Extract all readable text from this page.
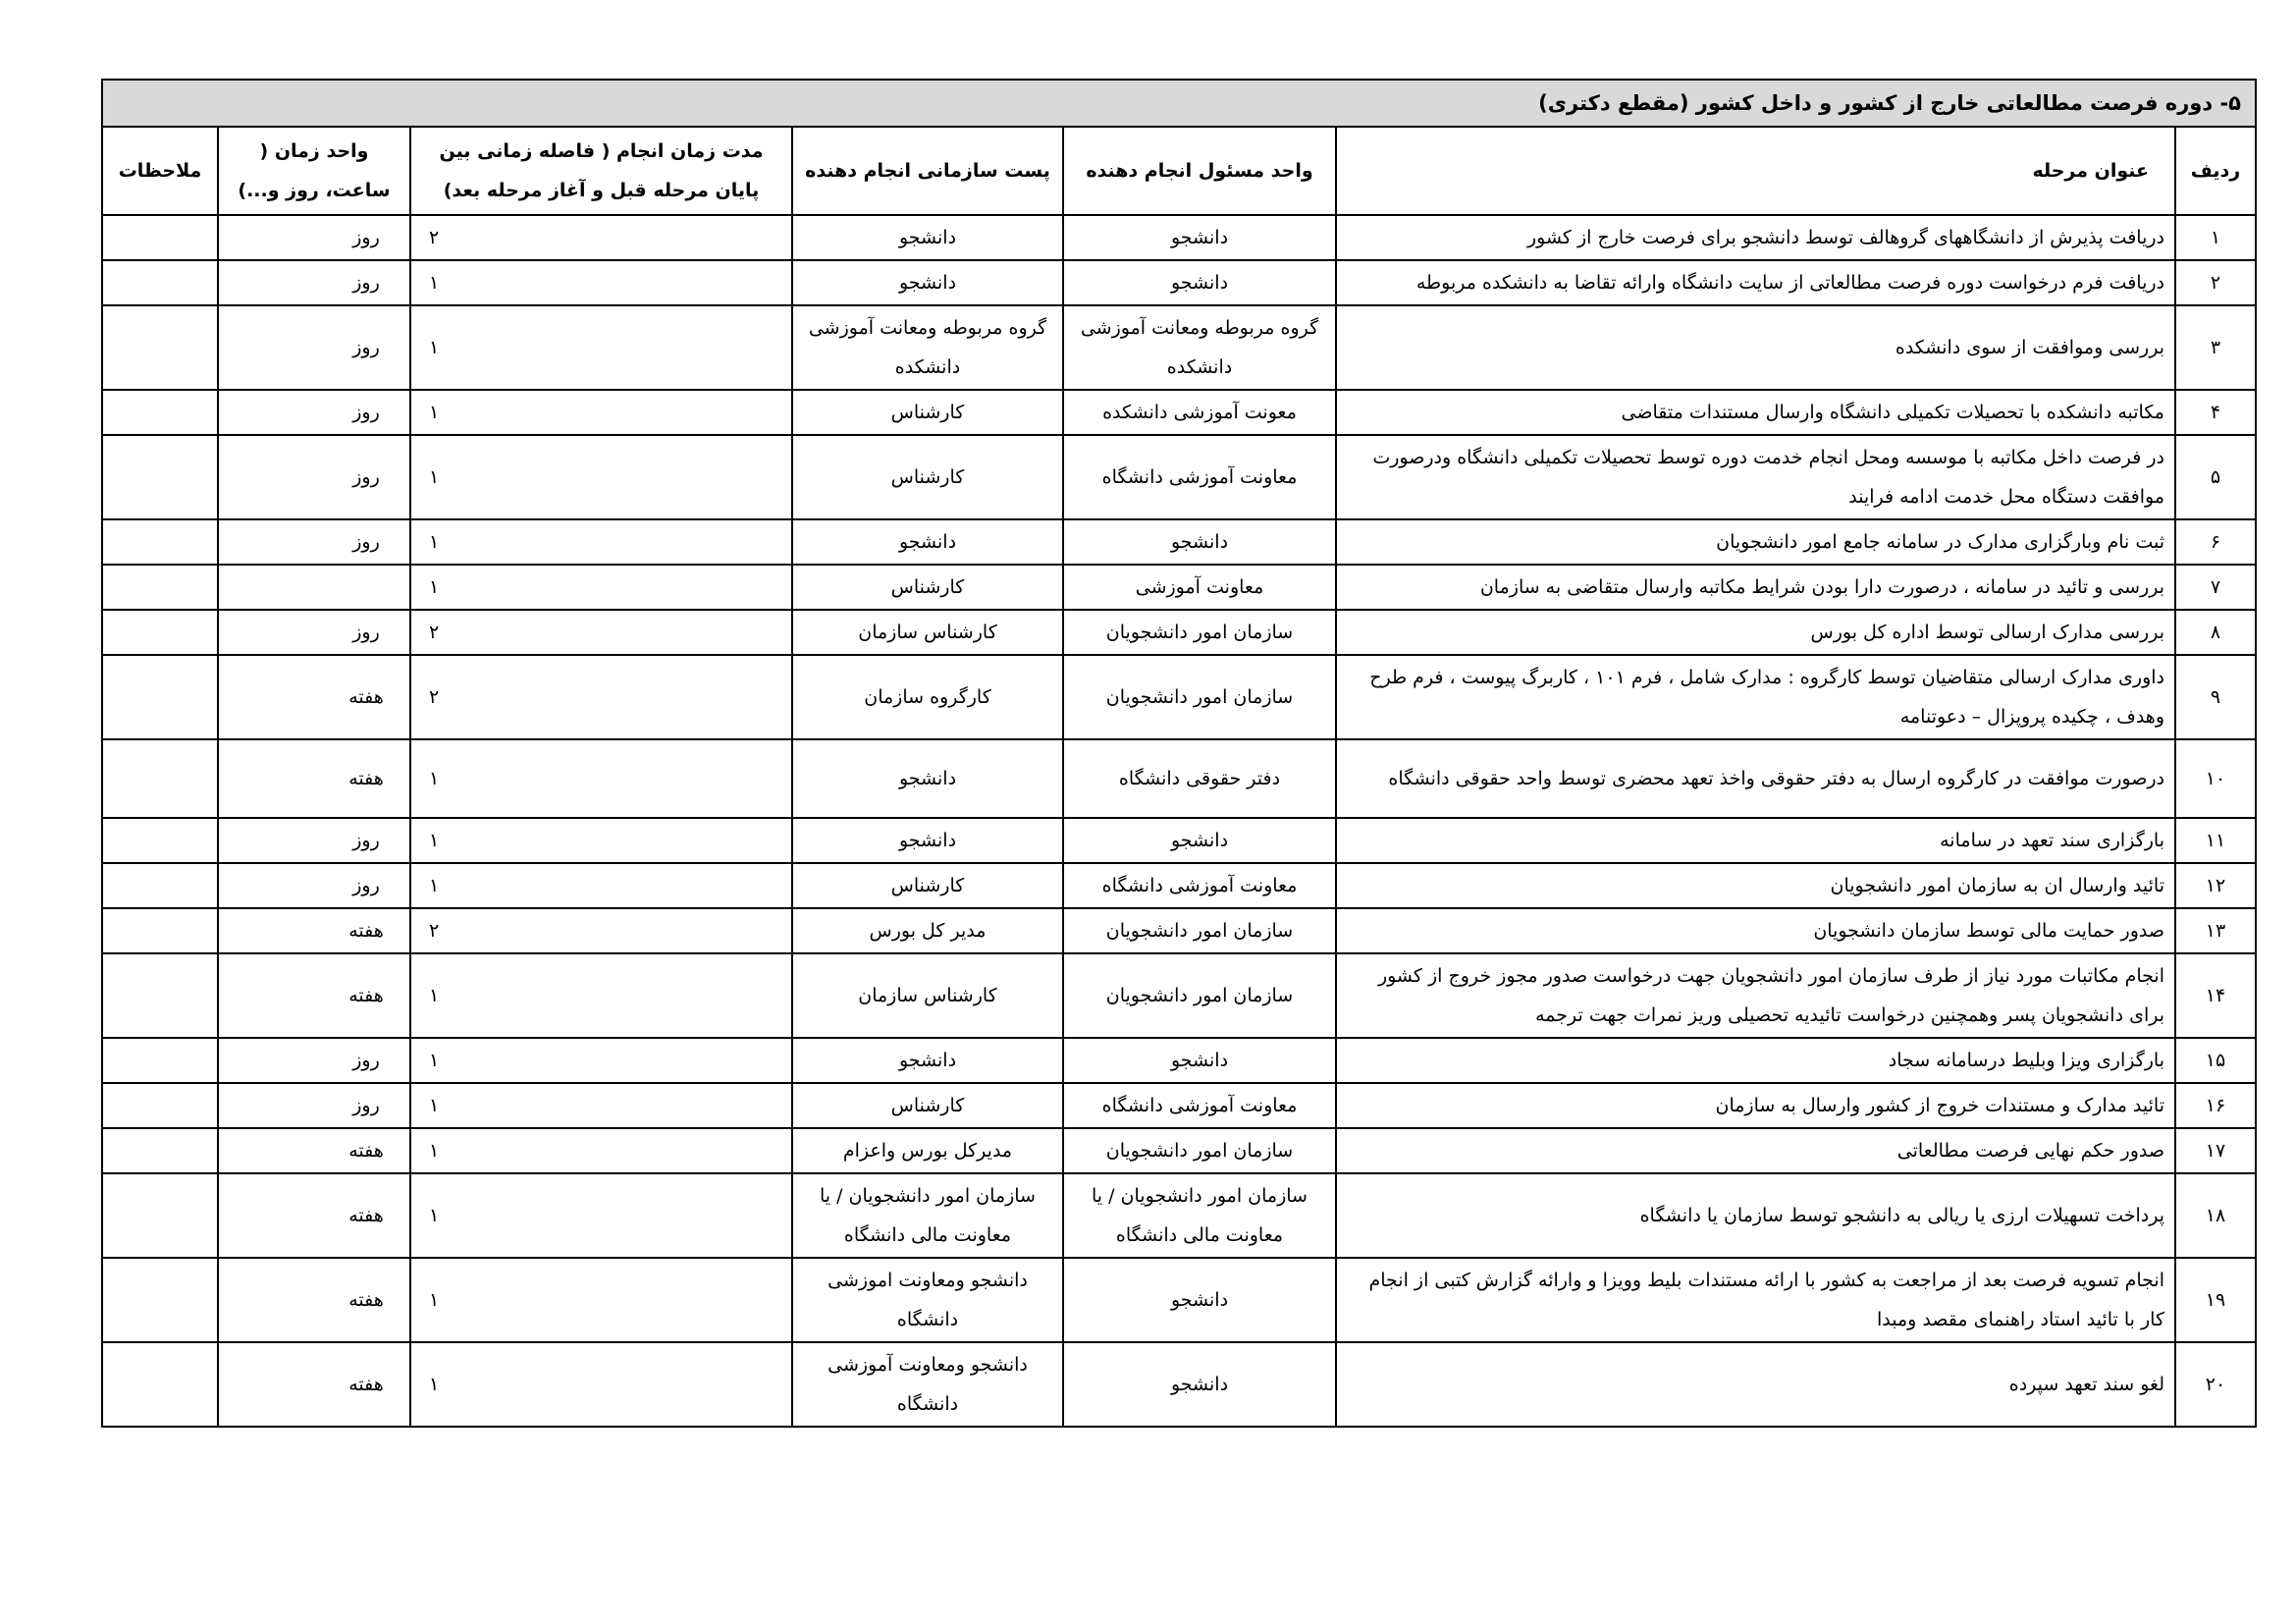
۵- دوره فرصت مطالعاتی خارج از کشور و داخل کشور (مقطع دکتری)						
ردیف	عنوان مرحله	واحد مسئول انجام دهنده	پست سازمانی انجام دهنده	مدت زمان انجام ( فاصله زمانی بین پایان مرحله قبل و آغاز مرحله بعد)	واحد زمان ( ساعت، روز و...)	ملاحظات
۱	دریافت پذیرش از دانشگاههای گروهالف توسط دانشجو برای فرصت خارج از کشور	دانشجو	دانشجو	۲	روز	

۲	دریافت فرم درخواست دوره فرصت مطالعاتی از سایت دانشگاه وارائه تقاضا به دانشکده مربوطه	دانشجو	دانشجو	۱	روز	

۳	بررسی وموافقت از سوی دانشکده	گروه مربوطه ومعانت آموزشی دانشکده	گروه مربوطه ومعانت آموزشی دانشکده	۱	روز	

۴	مکاتبه دانشکده با تحصیلات تکمیلی دانشگاه وارسال مستندات متقاضی	معونت آموزشی دانشکده	کارشناس	۱	روز	

۵	در فرصت داخل مکاتبه با موسسه ومحل انجام خدمت دوره توسط تحصیلات تکمیلی دانشگاه ودرصورت موافقت دستگاه محل خدمت ادامه فرایند	معاونت آموزشی دانشگاه	کارشناس	۱	روز	

۶	ثبت نام وبارگزاری مدارک در سامانه جامع امور دانشجویان	دانشجو	دانشجو	۱	روز	

۷	بررسی و تائید در سامانه ، درصورت دارا بودن شرایط مکاتبه وارسال متقاضی به سازمان	معاونت آموزشی	کارشناس	۱		

۸	بررسی مدارک ارسالی توسط اداره کل بورس	سازمان امور دانشجویان	کارشناس سازمان	۲	روز	

۹	داوری مدارک ارسالی متقاضیان توسط کارگروه : مدارک شامل ، فرم ۱۰۱ ، کاربرگ پیوست ، فرم طرح وهدف ، چکیده پروپزال – دعوتنامه	سازمان امور دانشجویان	کارگروه سازمان	۲	هفته	

۱۰	درصورت موافقت در کارگروه ارسال به دفتر حقوقی واخذ تعهد محضری توسط واحد حقوقی دانشگاه	دفتر حقوقی دانشگاه	دانشجو	۱	هفته	

۱۱	بارگزاری سند تعهد در سامانه	دانشجو	دانشجو	۱	روز	

۱۲	تائید وارسال ان به سازمان امور دانشجویان	معاونت آموزشی دانشگاه	کارشناس	۱	روز	

۱۳	صدور حمایت مالی توسط سازمان دانشجویان	سازمان امور دانشجویان	مدیر کل بورس	۲	هفته	

۱۴	انجام مکاتبات مورد نیاز از طرف سازمان امور دانشجویان جهت درخواست صدور مجوز خروج از کشور برای دانشجویان پسر وهمچنین درخواست تائیدیه تحصیلی وریز نمرات جهت ترجمه	سازمان امور دانشجویان	کارشناس سازمان	۱	هفته	

۱۵	بارگزاری ویزا وبلیط درسامانه سجاد	دانشجو	دانشجو	۱	روز	

۱۶	تائید مدارک و مستندات خروج از کشور وارسال به سازمان	معاونت آموزشی دانشگاه	کارشناس	۱	روز	

۱۷	صدور حکم نهایی فرصت مطالعاتی	سازمان امور دانشجویان	مدیرکل بورس واعزام	۱	هفته	

۱۸	پرداخت تسهیلات ارزی یا ریالی به دانشجو توسط سازمان یا دانشگاه	سازمان امور دانشجویان / یا معاونت مالی دانشگاه	سازمان امور دانشجویان / یا معاونت مالی دانشگاه	۱	هفته	

۱۹	انجام تسویه فرصت بعد از مراجعت به کشور با ارائه مستندات بلیط وویزا و وارائه گزارش کتبی از انجام کار با تائید استاد راهنمای مقصد ومبدا	دانشجو	دانشجو ومعاونت اموزشی دانشگاه	۱	هفته	

۲۰	لغو سند تعهد سپرده	دانشجو	دانشجو ومعاونت آموزشی دانشگاه	۱	هفته	
